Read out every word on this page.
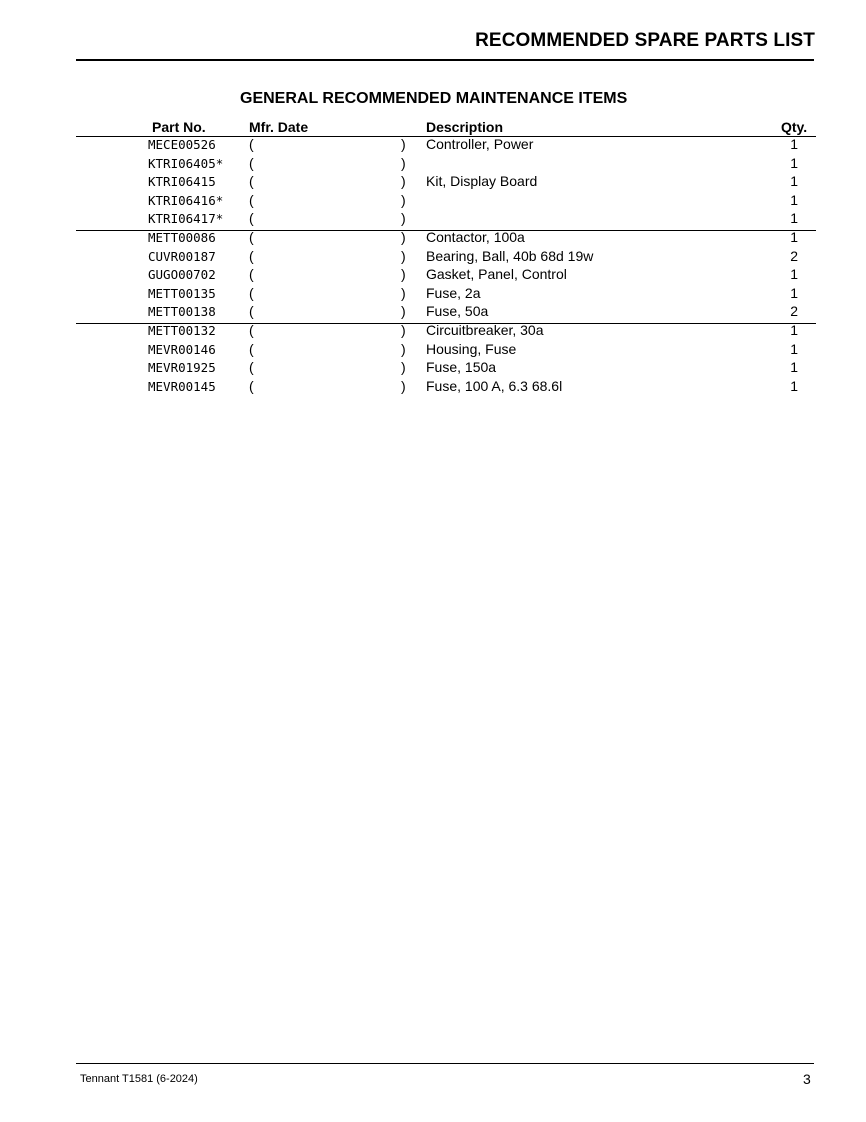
RECOMMENDED SPARE PARTS LIST
GENERAL RECOMMENDED MAINTENANCE ITEMS
Part No.	Mfr. Date	Description	Qty.
MECE00526 (	) Controller, Power	1
KTRI06405* (	)	1
KTRI06415 (	) Kit, Display Board	1
KTRI06416* (	)	1
KTRI06417* (	)	1
METT00086 (	) Contactor, 100a	1
CUVR00187 (	) Bearing, Ball, 40b 68d 19w	2
GUGO00702 (	) Gasket, Panel, Control	1
METT00135 (	) Fuse, 2a	1
METT00138 (	) Fuse, 50a	2
METT00132 (	) Circuitbreaker, 30a	1
MEVR00146 (	) Housing, Fuse	1
MEVR01925 (	) Fuse, 150a	1
MEVR00145 (	) Fuse, 100 A, 6.3 68.6l	1
Tennant T1581 (6-2024)	3
